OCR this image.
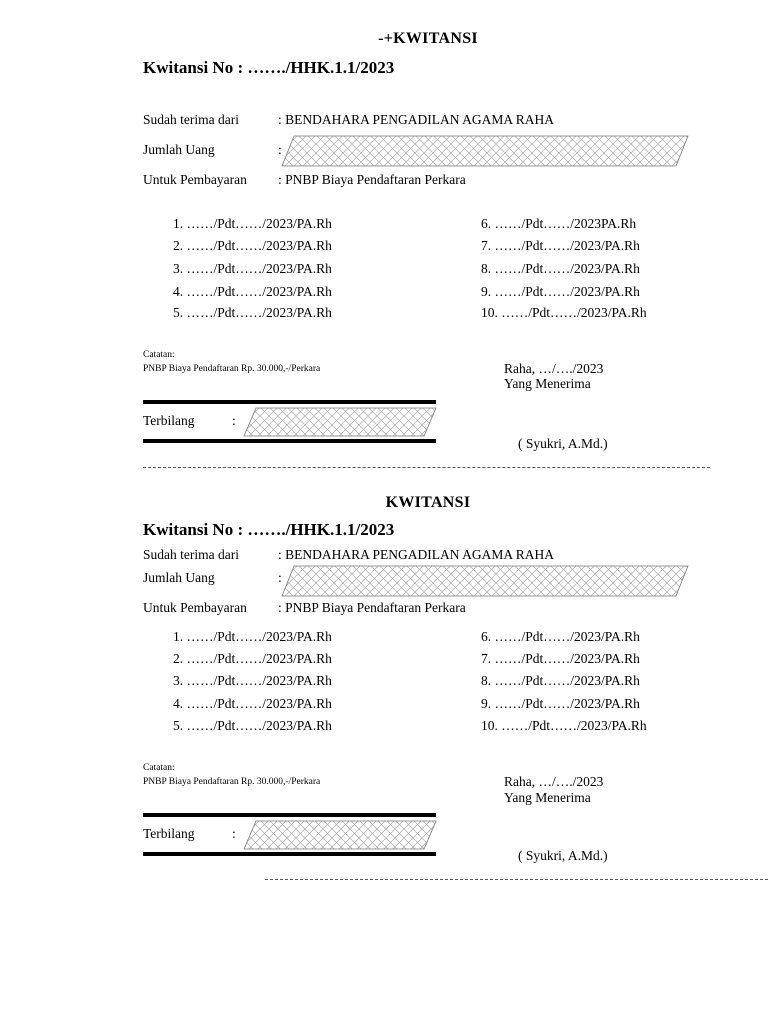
-+KWITANSI
Kwitansi No : ……./HHK.1.1/2023
Sudah terima dari	: BENDAHARA PENGADILAN AGAMA RAHA
Jumlah Uang	:
Untuk Pembayaran : PNBP Biaya Pendaftaran Perkara
1. ……/Pdt……/2023/PA.Rh
2. ……/Pdt……/2023/PA.Rh
3. ……/Pdt……/2023/PA.Rh
4. ……/Pdt……/2023/PA.Rh
5. ……/Pdt……/2023/PA.Rh
6. ……/Pdt……/2023PA.Rh
7. ……/Pdt……/2023/PA.Rh
8. ……/Pdt……/2023/PA.Rh
9. ……/Pdt……/2023/PA.Rh
10. ……/Pdt……/2023/PA.Rh
Catatan:
PNBP Biaya Pendaftaran Rp. 30.000,-/Perkara	Raha, …/…./2023
Yang Menerima
Terbilang	:
( Syukri, A.Md.)
KWITANSI
Kwitansi No : ……./HHK.1.1/2023
Sudah terima dari	: BENDAHARA PENGADILAN AGAMA RAHA
Jumlah Uang	:
Untuk Pembayaran : PNBP Biaya Pendaftaran Perkara
1. ……/Pdt……/2023/PA.Rh
2. ……/Pdt……/2023/PA.Rh
3. ……/Pdt……/2023/PA.Rh
4. ……/Pdt……/2023/PA.Rh
5. ……/Pdt……/2023/PA.Rh
6. ……/Pdt……/2023/PA.Rh
7. ……/Pdt……/2023/PA.Rh
8. ……/Pdt……/2023/PA.Rh
9. ……/Pdt……/2023/PA.Rh
10. ……/Pdt……/2023/PA.Rh
Catatan:
PNBP Biaya Pendaftaran Rp. 30.000,-/Perkara	Raha, …/…./2023
Yang Menerima
Terbilang	:
( Syukri, A.Md.)
